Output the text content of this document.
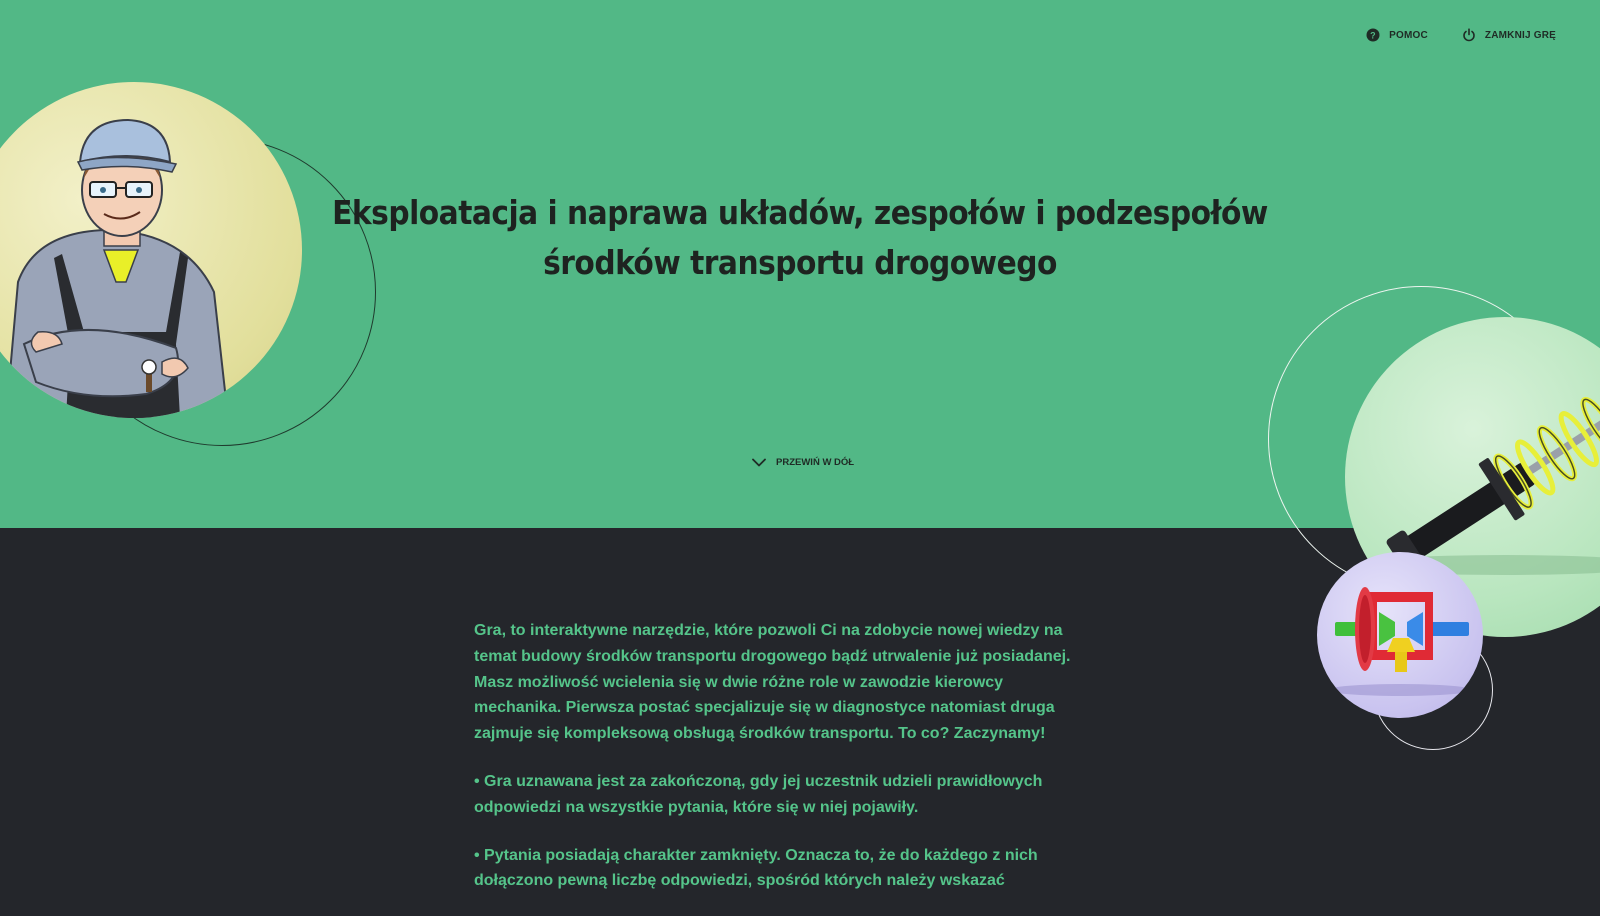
? POMOC	ZAMKNIJ GRĘ
Eksploatacja i naprawa układów, zespołów i podzespołów środków transportu drogowego
PRZEWIŃ W DÓŁ

Gra, to interaktywne narzędzie, które pozwoli Ci na zdobycie nowej wiedzy na temat budowy środków transportu drogowego bądź utrwalenie już posiadanej. Masz możliwość wcielenia się w dwie różne role w zawodzie kierowcy mechanika. Pierwsza postać specjalizuje się w diagnostyce natomiast druga zajmuje się kompleksową obsługą środków transportu. To co? Zaczynamy!

• Gra uznawana jest za zakończoną, gdy jej uczestnik udzieli prawidłowych odpowiedzi na wszystkie pytania, które się w niej pojawiły.

• Pytania posiadają charakter zamknięty. Oznacza to, że do każdego z nich dołączono pewną liczbę odpowiedzi, spośród których należy wskazać
